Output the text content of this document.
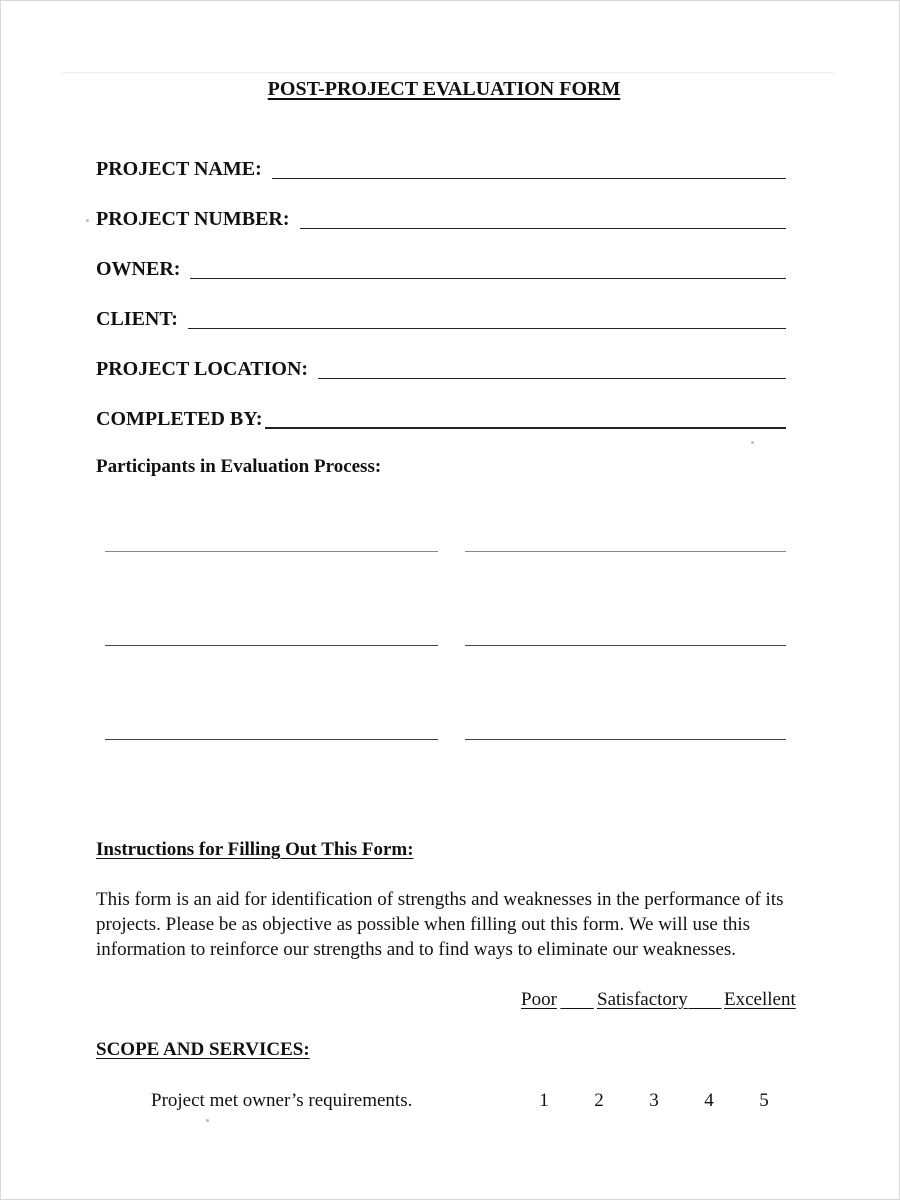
POST-PROJECT EVALUATION FORM
PROJECT NAME:
PROJECT NUMBER:
OWNER:
CLIENT:
PROJECT LOCATION:
COMPLETED BY:
Participants in Evaluation Process:
Instructions for Filling Out This Form:
This form is an aid for identification of strengths and weaknesses in the performance of its
projects. Please be as objective as possible when filling out this form. We will use this
information to reinforce our strengths and to find ways to eliminate our weaknesses.
Poor
Satisfactory
Excellent
SCOPE AND SERVICES:
Project met owner’s requirements.	1 2 3 4 5
